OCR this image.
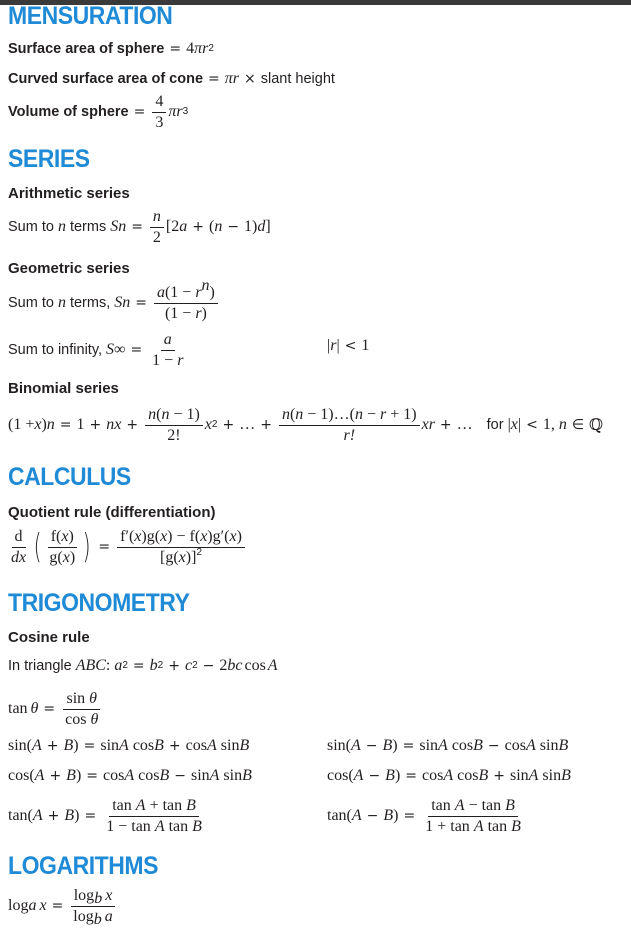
MENSURATION
Surface area of sphere = 4 πr 2
Curved surface area of cone = πr × slant height
Volume of sphere = $\frac{4}{3}$ πr 3
SERIES
Arithmetic series
Sum to n terms S $n = \frac{n}{2} [2$ a + ( n − 1) d ]
Geometric series
Sum to n terms, S $n = \frac{a(1 - r^n)}{(1 - r)}$
Sum to infinity, S ∞ = $\frac{a}{1 - r}$	| r | < 1
Binomial series
(1 + x ) n = 1 + nx + $\frac{n(n - 1)}{2!}$ x 2 + … + $\frac{n(n - 1)\dots(n - r + 1)}{r!}$ x r + … for | x | < 1, n ∈ ℚ
CALCULUS
Quotient rule (differentiation)
$\frac{d}{dx}$ ( $\frac{f(x)}{g(x)}$ ) = $\frac{f'(x)g(x) - f(x)g'(x)}{[g(x)]^2}$
TRIGONOMETRY
Cosine rule
In triangle ABC : a 2 = b 2 + c 2 − 2 bc cos A
$\tan \theta = \frac{\text{sin θ}}{\text{cos θ}}$
sin( A + B ) = sin A cos B + cos A sin B	sin( A − B ) = sin A cos B − cos A sin B
cos( A + B ) = cos A cos B − sin A sin B	cos( A − B ) = cos A cos B + sin A sin B
tan( A + B ) = $\frac{\text{tan A + tan B}}{\text{1 − tan A tan B}}$	tan( A − B ) = $\frac{\text{tan A − tan B}}{\text{1 + tan A tan B}}$
LOGARITHMS
log a $x = \frac{\log_b x}{\log_b a}$
